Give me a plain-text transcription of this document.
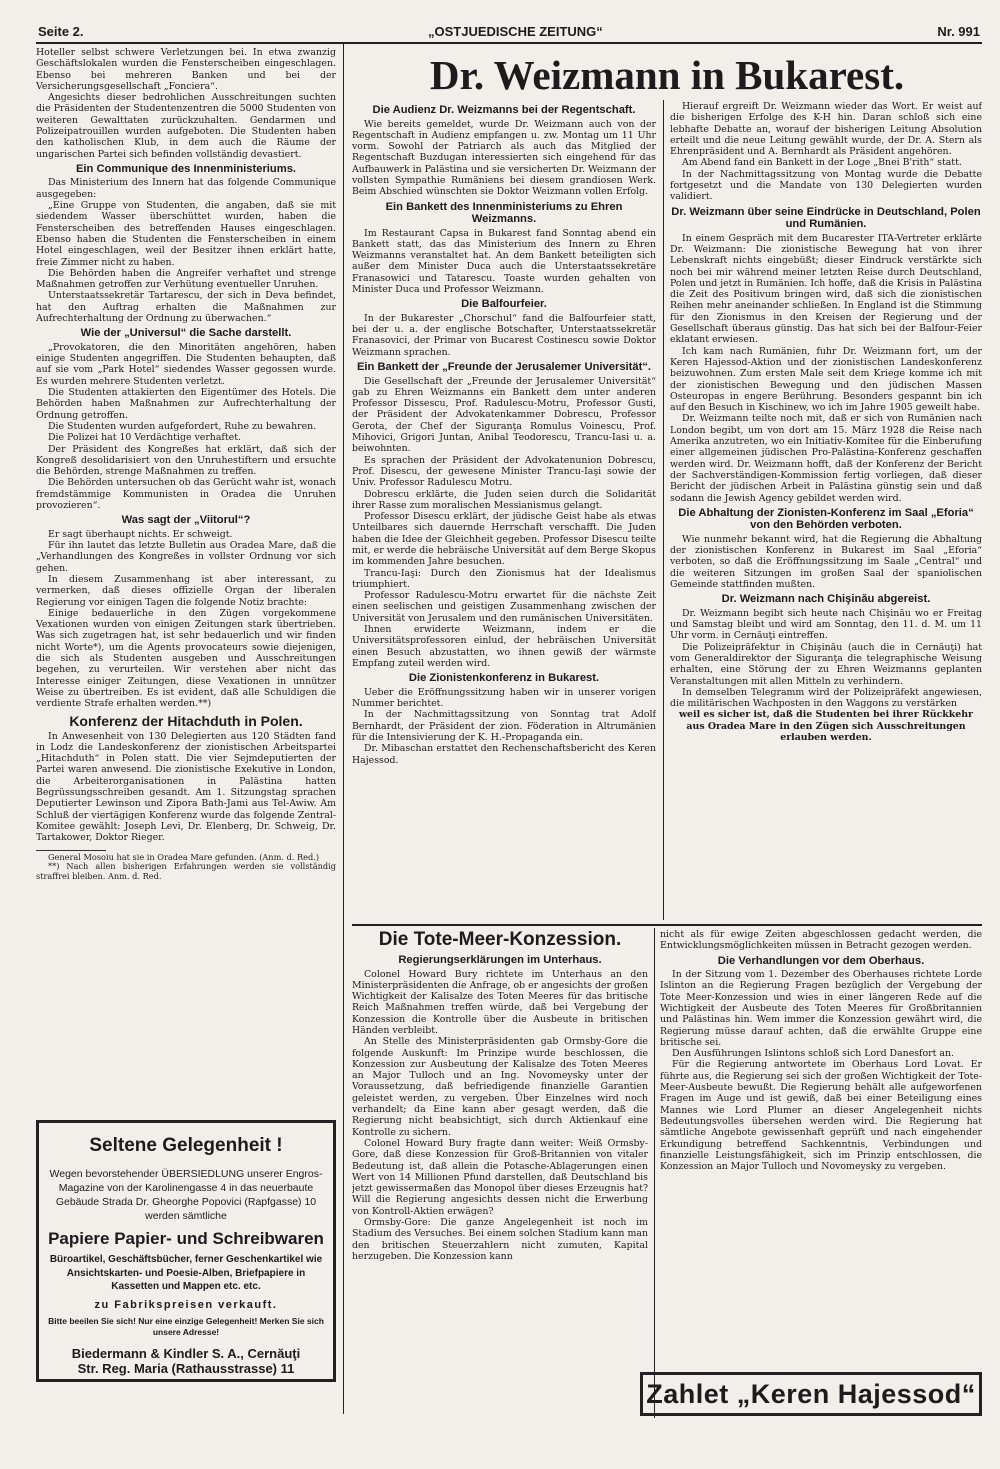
Seite 2.	„OSTJUEDISCHE ZEITUNG“	Nr. 991

Hoteller selbst schwere Verletzungen bei. In etwa zwanzig Geschäftslokalen wurden die Fensterscheiben eingeschlagen. Ebenso bei mehreren Banken und bei der Versicherungsgesellschaft „Fonciera“.

Angesichts dieser bedrohlichen Ausschreitungen suchten die Präsidenten der Studentenzentren die 5000 Studenten von weiteren Gewalttaten zurückzuhalten. Gendarmen und Polizeipatrouillen wurden aufgeboten. Die Studenten haben den katholischen Klub, in dem auch die Räume der ungarischen Partei sich befinden vollständig devastiert.

Ein Communique des Innenministeriums.

Das Ministerium des Innern hat das folgende Communique ausgegeben:

„Eine Gruppe von Studenten, die angaben, daß sie mit siedendem Wasser überschüttet wurden, haben die Fensterscheiben des betreffenden Hauses eingeschlagen. Ebenso haben die Studenten die Fensterscheiben in einem Hotel eingeschlagen, weil der Besitzer ihnen erklärt hatte, freie Zimmer nicht zu haben.

Die Behörden haben die Angreifer verhaftet und strenge Maßnahmen getroffen zur Verhütung eventueller Unruhen.

Unterstaatssekretär Tartarescu, der sich in Deva befindet, hat den Auftrag erhalten die Maßnahmen zur Aufrechterhaltung der Ordnung zu überwachen.“

Wie der „Universul“ die Sache darstellt.

„Provokatoren, die den Minoritäten angehören, haben einige Studenten angegriffen. Die Studenten behaupten, daß auf sie vom „Park Hotel“ siedendes Wasser gegossen wurde. Es wurden mehrere Studenten verletzt.

Die Studenten attakierten den Eigentümer des Hotels. Die Behörden haben Maßnahmen zur Aufrechterhaltung der Ordnung getroffen.

Die Studenten wurden aufgefordert, Ruhe zu bewahren.

Die Polizei hat 10 Verdächtige verhaftet.

Der Präsident des Kongreßes hat erklärt, daß sich der Kongreß desolidarisiert von den Unruhestiftern und ersuchte die Behörden, strenge Maßnahmen zu treffen.

Die Behörden untersuchen ob das Gerücht wahr ist, wonach fremdstämmige Kommunisten in Oradea die Unruhen provozieren“.

Was sagt der „Viitorul“?

Er sagt überhaupt nichts. Er schweigt.

Für ihn lautet das letzte Bulletin aus Oradea Mare, daß die „Verhandlungen des Kongreßes in vollster Ordnung vor sich gehen.

In diesem Zusammenhang ist aber interessant, zu vermerken, daß dieses offizielle Organ der liberalen Regierung vor einigen Tagen die folgende Notiz brachte:

Einige bedauerliche in den Zügen vorgekommene Vexationen wurden von einigen Zeitungen stark übertrieben. Was sich zugetragen hat, ist sehr bedauerlich und wir finden nicht Worte*), um die Agents provocateurs sowie diejenigen, die sich als Studenten ausgeben und Ausschreitungen begehen, zu verurteilen. Wir verstehen aber nicht das Interesse einiger Zeitungen, diese Vexationen in unnützer Weise zu übertreiben. Es ist evident, daß alle Schuldigen die verdiente Strafe erhalten werden.**)

Konferenz der Hitachduth in Polen.

In Anwesenheit von 130 Delegierten aus 120 Städten fand in Lodz die Landeskonferenz der zionistischen Arbeitspartei „Hitachduth“ in Polen statt. Die vier Sejmdeputierten der Partei waren anwesend. Die zionistische Exekutive in London, die Arbeiterorganisationen in Palästina hatten Begrüssungsschreiben gesandt. Am 1. Sitzungstag sprachen Deputierter Lewinson und Zipora Bath-Jami aus Tel-Awiw. Am Schluß der viertägigen Konferenz wurde das folgende Zentral-Komitee gewählt: Joseph Levi, Dr. Elenberg, Dr. Schweig, Dr. Tartakower, Doktor Rieger.

General Mosoiu hat sie in Oradea Mare gefunden. (Anm. d. Red.)

**) Nach allen bisherigen Erfahrungen werden sie vollständig straffrei bleiben. Anm. d. Red.

Seltene Gelegenheit !
Wegen bevorstehender ÜBERSIEDLUNG unserer Engros-Magazine von der Karolinengasse 4 in das neuerbaute Gebäude Strada Dr. Gheorghe Popovici (Rapfgasse) 10 werden sämtliche
Papiere Papier- und Schreibwaren
Büroartikel, Geschäftsbücher, ferner Geschenkartikel wie Ansichtskarten- und Poesie-Alben, Briefpapiere in Kassetten und Mappen etc. etc.
zu Fabrikspreisen verkauft.
Bitte beeilen Sie sich! Nur eine einzige Gelegenheit! Merken Sie sich unsere Adresse!
Biedermann & Kindler S. A., Cernăuţi
Str. Reg. Maria (Rathausstrasse) 11
Dr. Weizmann in Bukarest.
Die Audienz Dr. Weizmanns bei der Regentschaft.

Wie bereits gemeldet, wurde Dr. Weizmann auch von der Regentschaft in Audienz empfangen u. zw. Montag um 11 Uhr vorm. Sowohl der Patriarch als auch das Mitglied der Regentschaft Buzdugan interessierten sich eingehend für das Aufbauwerk in Palästina und sie versicherten Dr. Weizmann der vollsten Sympathie Rumäniens bei diesem grandiosen Werk. Beim Abschied wünschten sie Doktor Weizmann vollen Erfolg.

Ein Bankett des Innenministeriums zu Ehren Weizmanns.

Im Restaurant Capsa in Bukarest fand Sonntag abend ein Bankett statt, das das Ministerium des Innern zu Ehren Weizmanns veranstaltet hat. An dem Bankett beteiligten sich außer dem Minister Duca auch die Unterstaatssekretäre Franasowici und Tatarescu. Toaste wurden gehalten von Minister Duca und Professor Weizmann.

Die Balfourfeier.

In der Bukarester „Chorschul“ fand die Balfourfeier statt, bei der u. a. der englische Botschafter, Unterstaatssekretär Franasovici, der Primar von Bucarest Costinescu sowie Doktor Weizmann sprachen.

Ein Bankett der „Freunde der Jerusalemer Universität“.

Die Gesellschaft der „Freunde der Jerusalemer Universität“ gab zu Ehren Weizmanns ein Bankett dem unter anderen Professor Dissescu, Prof. Radulescu-Motru, Professor Gusti, der Präsident der Advokatenkammer Dobrescu, Professor Gerota, der Chef der Siguranţa Romulus Voinescu, Prof. Mihovici, Grigori Juntan, Anibal Teodorescu, Trancu-Iasi u. a. beiwohnten.

Es sprachen der Präsident der Advokatenunion Dobrescu, Prof. Disescu, der gewesene Minister Trancu-Iaşi sowie der Univ. Professor Radulescu Motru.

Dobrescu erklärte, die Juden seien durch die Solidarität ihrer Rasse zum moralischen Messianismus gelangt.

Professor Disescu erklärt, der jüdische Geist habe als etwas Unteilbares sich dauernde Herrschaft verschafft. Die Juden haben die Idee der Gleichheit gegeben. Professor Disescu teilte mit, er werde die hebräische Universität auf dem Berge Skopus im kommenden Jahre besuchen.

Trancu-Iaşi: Durch den Zionismus hat der Idealismus triumphiert.

Professor Radulescu-Motru erwartet für die nächste Zeit einen seelischen und geistigen Zusammenhang zwischen der Universität von Jerusalem und den rumänischen Universitäten.

Ihnen erwiderte Weizmann, indem er die Universitätsprofessoren einlud, der hebräischen Universität einen Besuch abzustatten, wo ihnen gewiß der wärmste Empfang zuteil werden wird.

Die Zionistenkonferenz in Bukarest.

Ueber die Eröffnungssitzung haben wir in unserer vorigen Nummer berichtet.

In der Nachmittagssitzung von Sonntag trat Adolf Bernhardt, der Präsident der zion. Föderation in Altrumänien für die Intensivierung der K. H.-Propaganda ein.

Dr. Mibaschan erstattet den Rechenschaftsbericht des Keren Hajessod.

Hierauf ergreift Dr. Weizmann wieder das Wort. Er weist auf die bisherigen Erfolge des K-H hin. Daran schloß sich eine lebhafte Debatte an, worauf der bisherigen Leitung Absolution erteilt und die neue Leitung gewählt wurde, der Dr. A. Stern als Ehrenpräsident und A. Bernhardt als Präsident angehören.

Am Abend fand ein Bankett in der Loge „Bnei B'rith“ statt.

In der Nachmittagssitzung von Montag wurde die Debatte fortgesetzt und die Mandate von 130 Delegierten wurden validiert.

Dr. Weizmann über seine Eindrücke in Deutschland, Polen und Rumänien.

In einem Gespräch mit dem Bucarester ITA-Vertreter erklärte Dr. Weizmann: Die zionistische Bewegung hat von ihrer Lebenskraft nichts eingebüßt; dieser Eindruck verstärkte sich noch bei mir während meiner letzten Reise durch Deutschland, Polen und jetzt in Rumänien. Ich hoffe, daß die Krisis in Palästina die Zeit des Positivum bringen wird, daß sich die zionistischen Reihen mehr aneinander schließen. In England ist die Stimmung für den Zionismus in den Kreisen der Regierung und der Gesellschaft überaus günstig. Das hat sich bei der Balfour-Feier eklatant erwiesen.

Ich kam nach Rumänien, fuhr Dr. Weizmann fort, um der Keren Hajessod-Aktion und der zionistischen Landeskonferenz beizuwohnen. Zum ersten Male seit dem Kriege komme ich mit der zionistischen Bewegung und den jüdischen Massen Osteuropas in engere Berührung. Besonders gespannt bin ich auf den Besuch in Kischinew, wo ich im Jahre 1905 geweilt habe.

Dr. Weizmann teilte noch mit, daß er sich von Rumänien nach London begibt, um von dort am 15. März 1928 die Reise nach Amerika anzutreten, wo ein Initiativ-Komitee für die Einberufung einer allgemeinen jüdischen Pro-Palästina-Konferenz geschaffen werden wird. Dr. Weizmann hofft, daß der Konferenz der Bericht der Sachverständigen-Kommission fertig vorliegen, daß dieser Bericht der jüdischen Arbeit in Palästina günstig sein und daß sodann die Jewish Agency gebildet werden wird.

Die Abhaltung der Zionisten-Konferenz im Saal „Eforia“ von den Behörden verboten.

Wie nunmehr bekannt wird, hat die Regierung die Abhaltung der zionistischen Konferenz in Bukarest im Saal „Eforia“ verboten, so daß die Eröffnungssitzung im Saale „Central“ und die weiteren Sitzungen im großen Saal der spaniolischen Gemeinde stattfinden mußten.

Dr. Weizmann nach Chişinău abgereist.

Dr. Weizmann begibt sich heute nach Chişinău wo er Freitag und Samstag bleibt und wird am Sonntag, den 11. d. M. um 11 Uhr vorm. in Cernăuţi eintreffen.

Die Polizeipräfektur in Chişinău (auch die in Cernăuţi) hat vom Generaldirektor der Siguranţa die telegraphische Weisung erhalten, eine Störung der zu Ehren Weizmanns geplanten Veranstaltungen mit allen Mitteln zu verhindern.

In demselben Telegramm wird der Polizeipräfekt angewiesen, die militärischen Wachposten in den Waggons zu verstärken

weil es sicher ist, daß die Studenten bei ihrer Rückkehr aus Oradea Mare in den Zügen sich Ausschreitungen erlauben werden.

Die Tote-Meer-Konzession.
Regierungserklärungen im Unterhaus.

Colonel Howard Bury richtete im Unterhaus an den Ministerpräsidenten die Anfrage, ob er angesichts der großen Wichtigkeit der Kalisalze des Toten Meeres für das britische Reich Maßnahmen treffen würde, daß bei Vergebung der Konzession die Kontrolle über die Ausbeute in britischen Händen verbleibt.

An Stelle des Ministerpräsidenten gab Ormsby-Gore die folgende Auskunft: Im Prinzipe wurde beschlossen, die Konzession zur Ausbeutung der Kalisalze des Toten Meeres an Major Tulloch und an Ing. Novomeysky unter der Voraussetzung, daß befriedigende finanzielle Garantien geleistet werden, zu vergeben. Über Einzelnes wird noch verhandelt; da Eine kann aber gesagt werden, daß die Regierung nicht beabsichtigt, sich durch Aktienkauf eine Kontrolle zu sichern.

Colonel Howard Bury fragte dann weiter: Weiß Ormsby-Gore, daß diese Konzession für Groß-Britannien von vitaler Bedeutung ist, daß allein die Potasche-Ablagerungen einen Wert von 14 Millionen Pfund darstellen, daß Deutschland bis jetzt gewissermaßen das Monopol über dieses Erzeugnis hat? Will die Regierung angesichts dessen nicht die Erwerbung von Kontroll-Aktien erwägen?

Ormsby-Gore: Die ganze Angelegenheit ist noch im Stadium des Versuches. Bei einem solchen Stadium kann man den britischen Steuerzahlern nicht zumuten, Kapital herzugeben. Die Konzession kann

nicht als für ewige Zeiten abgeschlossen gedacht werden, die Entwicklungsmöglichkeiten müssen in Betracht gezogen werden.

Die Verhandlungen vor dem Oberhaus.

In der Sitzung vom 1. Dezember des Oberhauses richtete Lorde Islinton an die Regierung Fragen bezüglich der Vergebung der Tote Meer-Konzession und wies in einer längeren Rede auf die Wichtigkeit der Ausbeute des Toten Meeres für Großbritannien und Palästinas hin. Wem immer die Konzession gewährt wird, die Regierung müsse darauf achten, daß die erwählte Gruppe eine britische sei.

Den Ausführungen Islintons schloß sich Lord Danesfort an.

Für die Regierung antwortete im Oberhaus Lord Lovat. Er führte aus, die Regierung sei sich der großen Wichtigkeit der Tote-Meer-Ausbeute bewußt. Die Regierung behält alle aufgeworfenen Fragen im Auge und ist gewiß, daß bei einer Beteiligung eines Mannes wie Lord Plumer an dieser Angelegenheit nichts Bedeutungsvolles übersehen werden wird. Die Regierung hat sämtliche Angebote gewissenhaft geprüft und nach eingehender Erkundigung betreffend Sachkenntnis, Verbindungen und finanzielle Leistungsfähigkeit, sich im Prinzip entschlossen, die Konzession an Major Tulloch und Novomeysky zu vergeben.

Zahlet „Keren Hajessod“
